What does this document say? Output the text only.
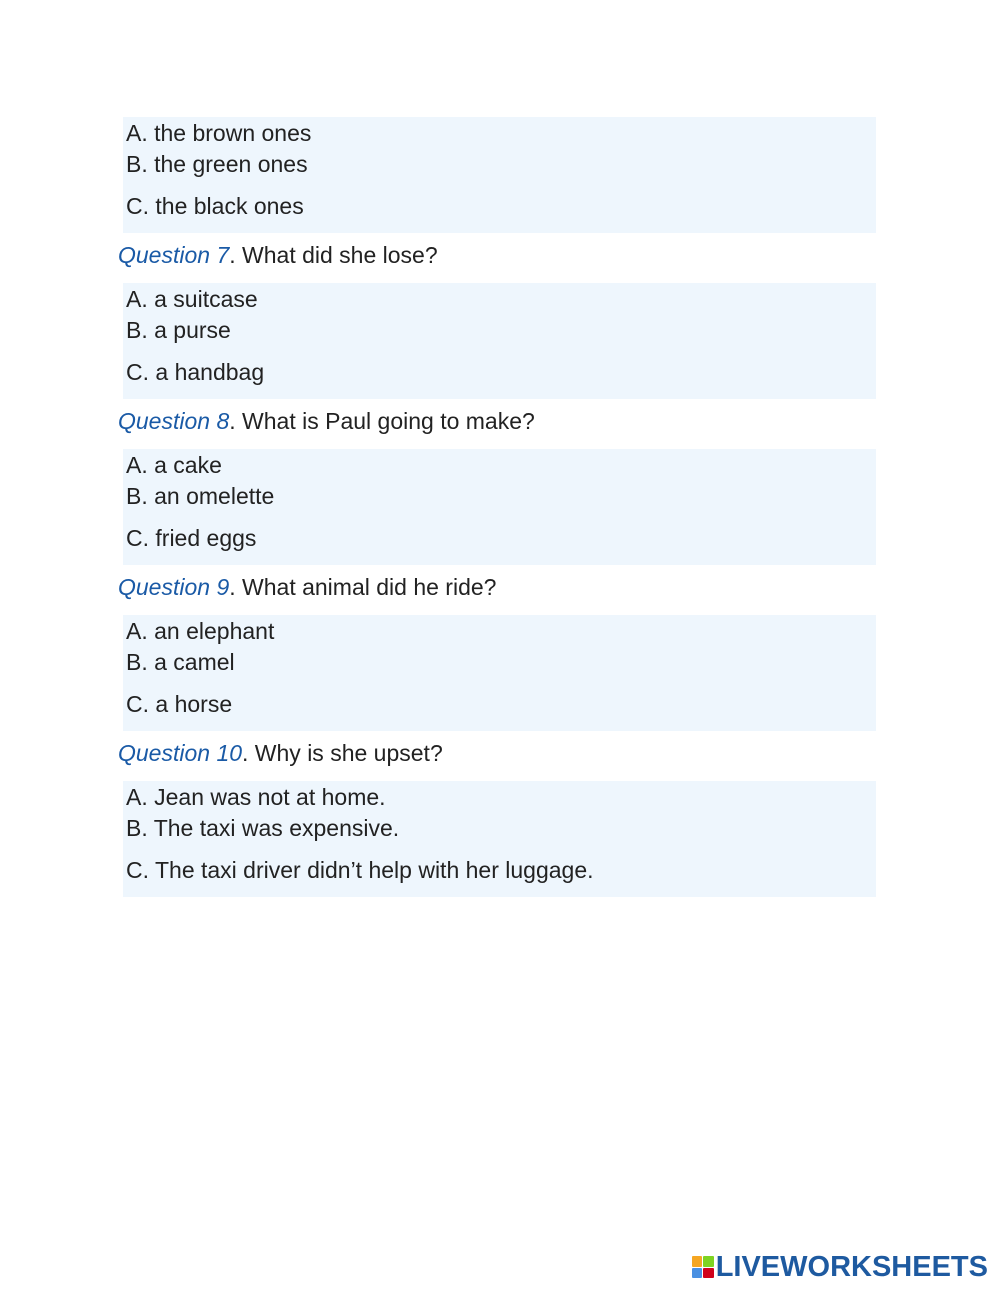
A. the brown ones
B. the green ones
C. the black ones
Question 7. What did she lose?
A. a suitcase
B. a purse
C. a handbag
Question 8. What is Paul going to make?
A. a cake
B. an omelette
C. fried eggs
Question 9. What animal did he ride?
A. an elephant
B. a camel
C. a horse
Question 10. Why is she upset?
A. Jean was not at home.
B. The taxi was expensive.
C. The taxi driver didn’t help with her luggage.
LIVEWORKSHEETS
